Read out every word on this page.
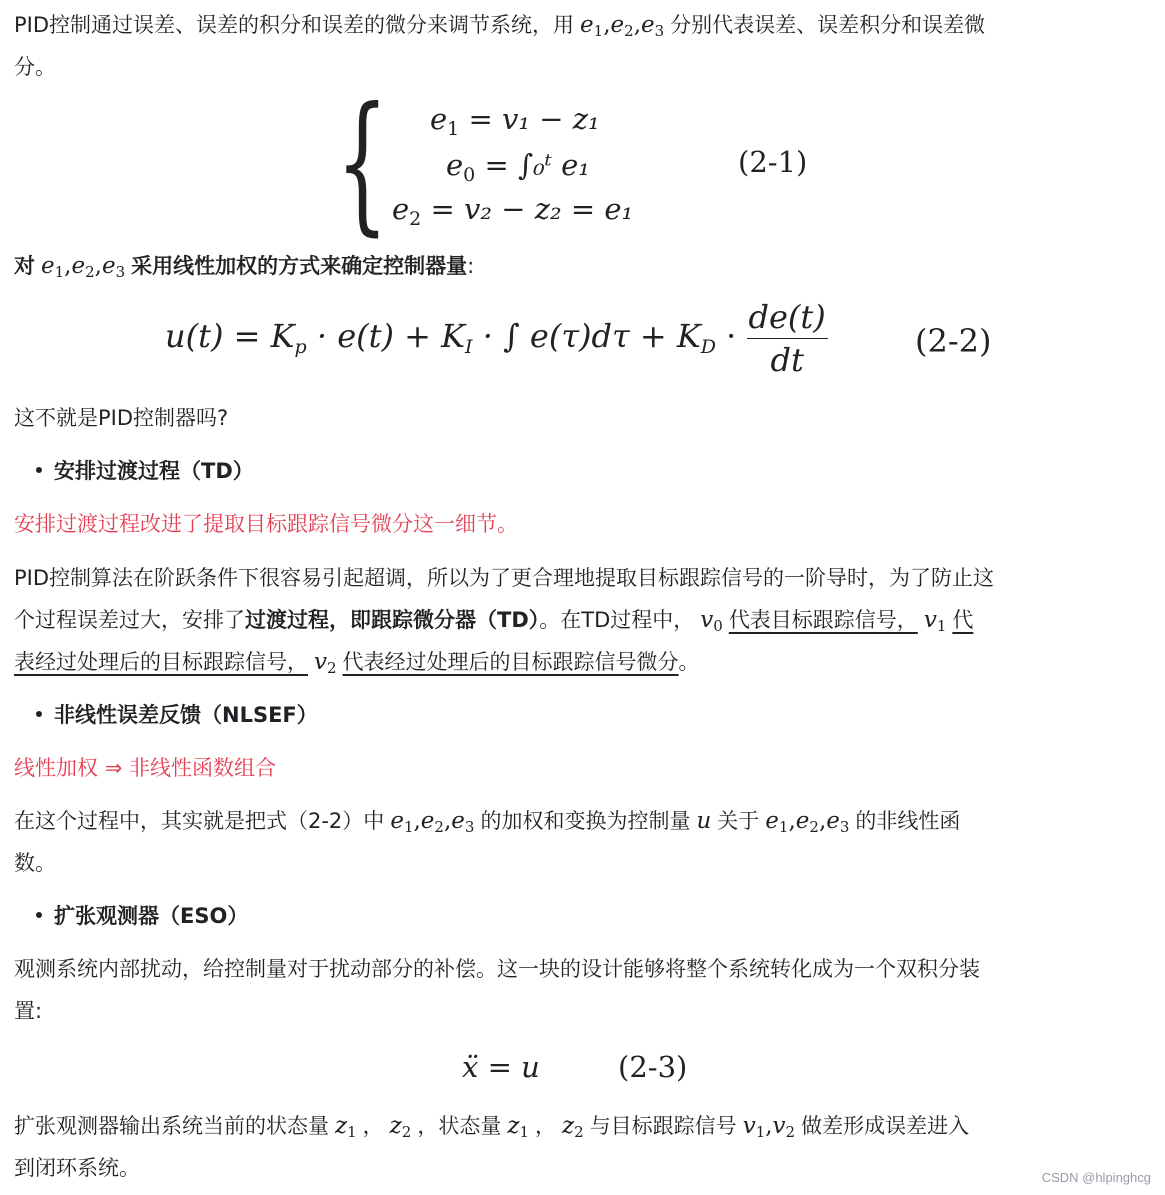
PID控制通过误差、误差的积分和误差的微分来调节系统，用 $e_1,e_2,e_3$ 分别代表误差、误差积分和误差微

分。

{ $e_1 = v_1 - z_1$
$e_0$ = ∫₀ᵗ e₁
$e_2 = v_2 - z_2 = e_1$
(2-1)

对 $e_1,e_2,e_3$ 采用线性加权的方式来确定控制器量:

$u(t) = K_p \cdot e(t) + K_I$ · ∫ $e(\tau)d\tau + K_D \cdot \frac{de(t)}{dt}$	(2-2)

这不就是PID控制器吗?

安排过渡过程（TD）

安排过渡过程改进了提取目标跟踪信号微分这一细节。

PID控制算法在阶跃条件下很容易引起超调，所以为了更合理地提取目标跟踪信号的一阶导时，为了防止这

个过程误差过大，安排了过渡过程，即跟踪微分器（TD）。在TD过程中， $v_0$ 代表目标跟踪信号， $v_1$ 代

表经过处理后的目标跟踪信号， $v_2$ 代表经过处理后的目标跟踪信号微分。

非线性误差反馈（NLSEF）

线性加权 ⇒ 非线性函数组合

在这个过程中，其实就是把式（2-2）中 $e_1,e_2,e_3$ 的加权和变换为控制量 u 关于 $e_1,e_2,e_3$ 的非线性函

数。

扩张观测器（ESO）

观测系统内部扰动，给控制量对于扰动部分的补偿。这一块的设计能够将整个系统转化成为一个双积分装

置:

ẍ = u	(2-3)

扩张观测器输出系统当前的状态量 $z_1$ ， $z_2$ ，状态量 $z_1$ ， $z_2$ 与目标跟踪信号 $v_1,v_2$ 做差形成误差进入

到闭环系统。	CSDN @hlpinghcg
